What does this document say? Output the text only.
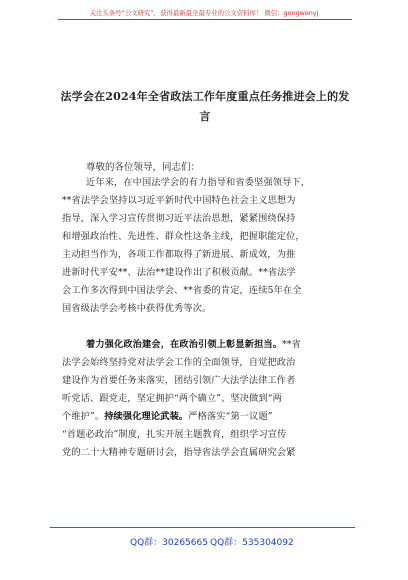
关注头条号“公文研究”，获得最新最全最专业的公文资料库！ 微信：gongwenyj
法学会在2024年全省政法工作年度重点任务推进会上的发
言
尊敬的各位领导，同志们：
近年来，在中国法学会的有力指导和省委坚强领导下，
**省法学会坚持以习近平新时代中国特色社会主义思想为
指导，深入学习宣传贯彻习近平法治思想，紧紧围绕保持
和增强政治性、先进性、群众性这条主线，把握职能定位，
主动担当作为，各项工作都取得了新进展、新成效，为推
进新时代平安**、法治**建设作出了积极贡献。**省法学
会工作多次得到中国法学会、**省委的肯定，连续5年在全
国省级法学会考核中获得优秀等次。
着力强化政治建会，在政治引领上彰显新担当。**省
法学会始终坚持党对法学会工作的全面领导，自觉把政治
建设作为首要任务来落实，团结引领广大法学法律工作者
听党话、跟党走，坚定拥护“两个确立”、坚决做到“两
个维护”。持续强化理论武装。严格落实“第一议题”
“首题必政治”制度，扎实开展主题教育，组织学习宣传
党的二十大精神专题研讨会，指导省法学会直属研究会紧
QQ群：30265665 QQ群：535304092
